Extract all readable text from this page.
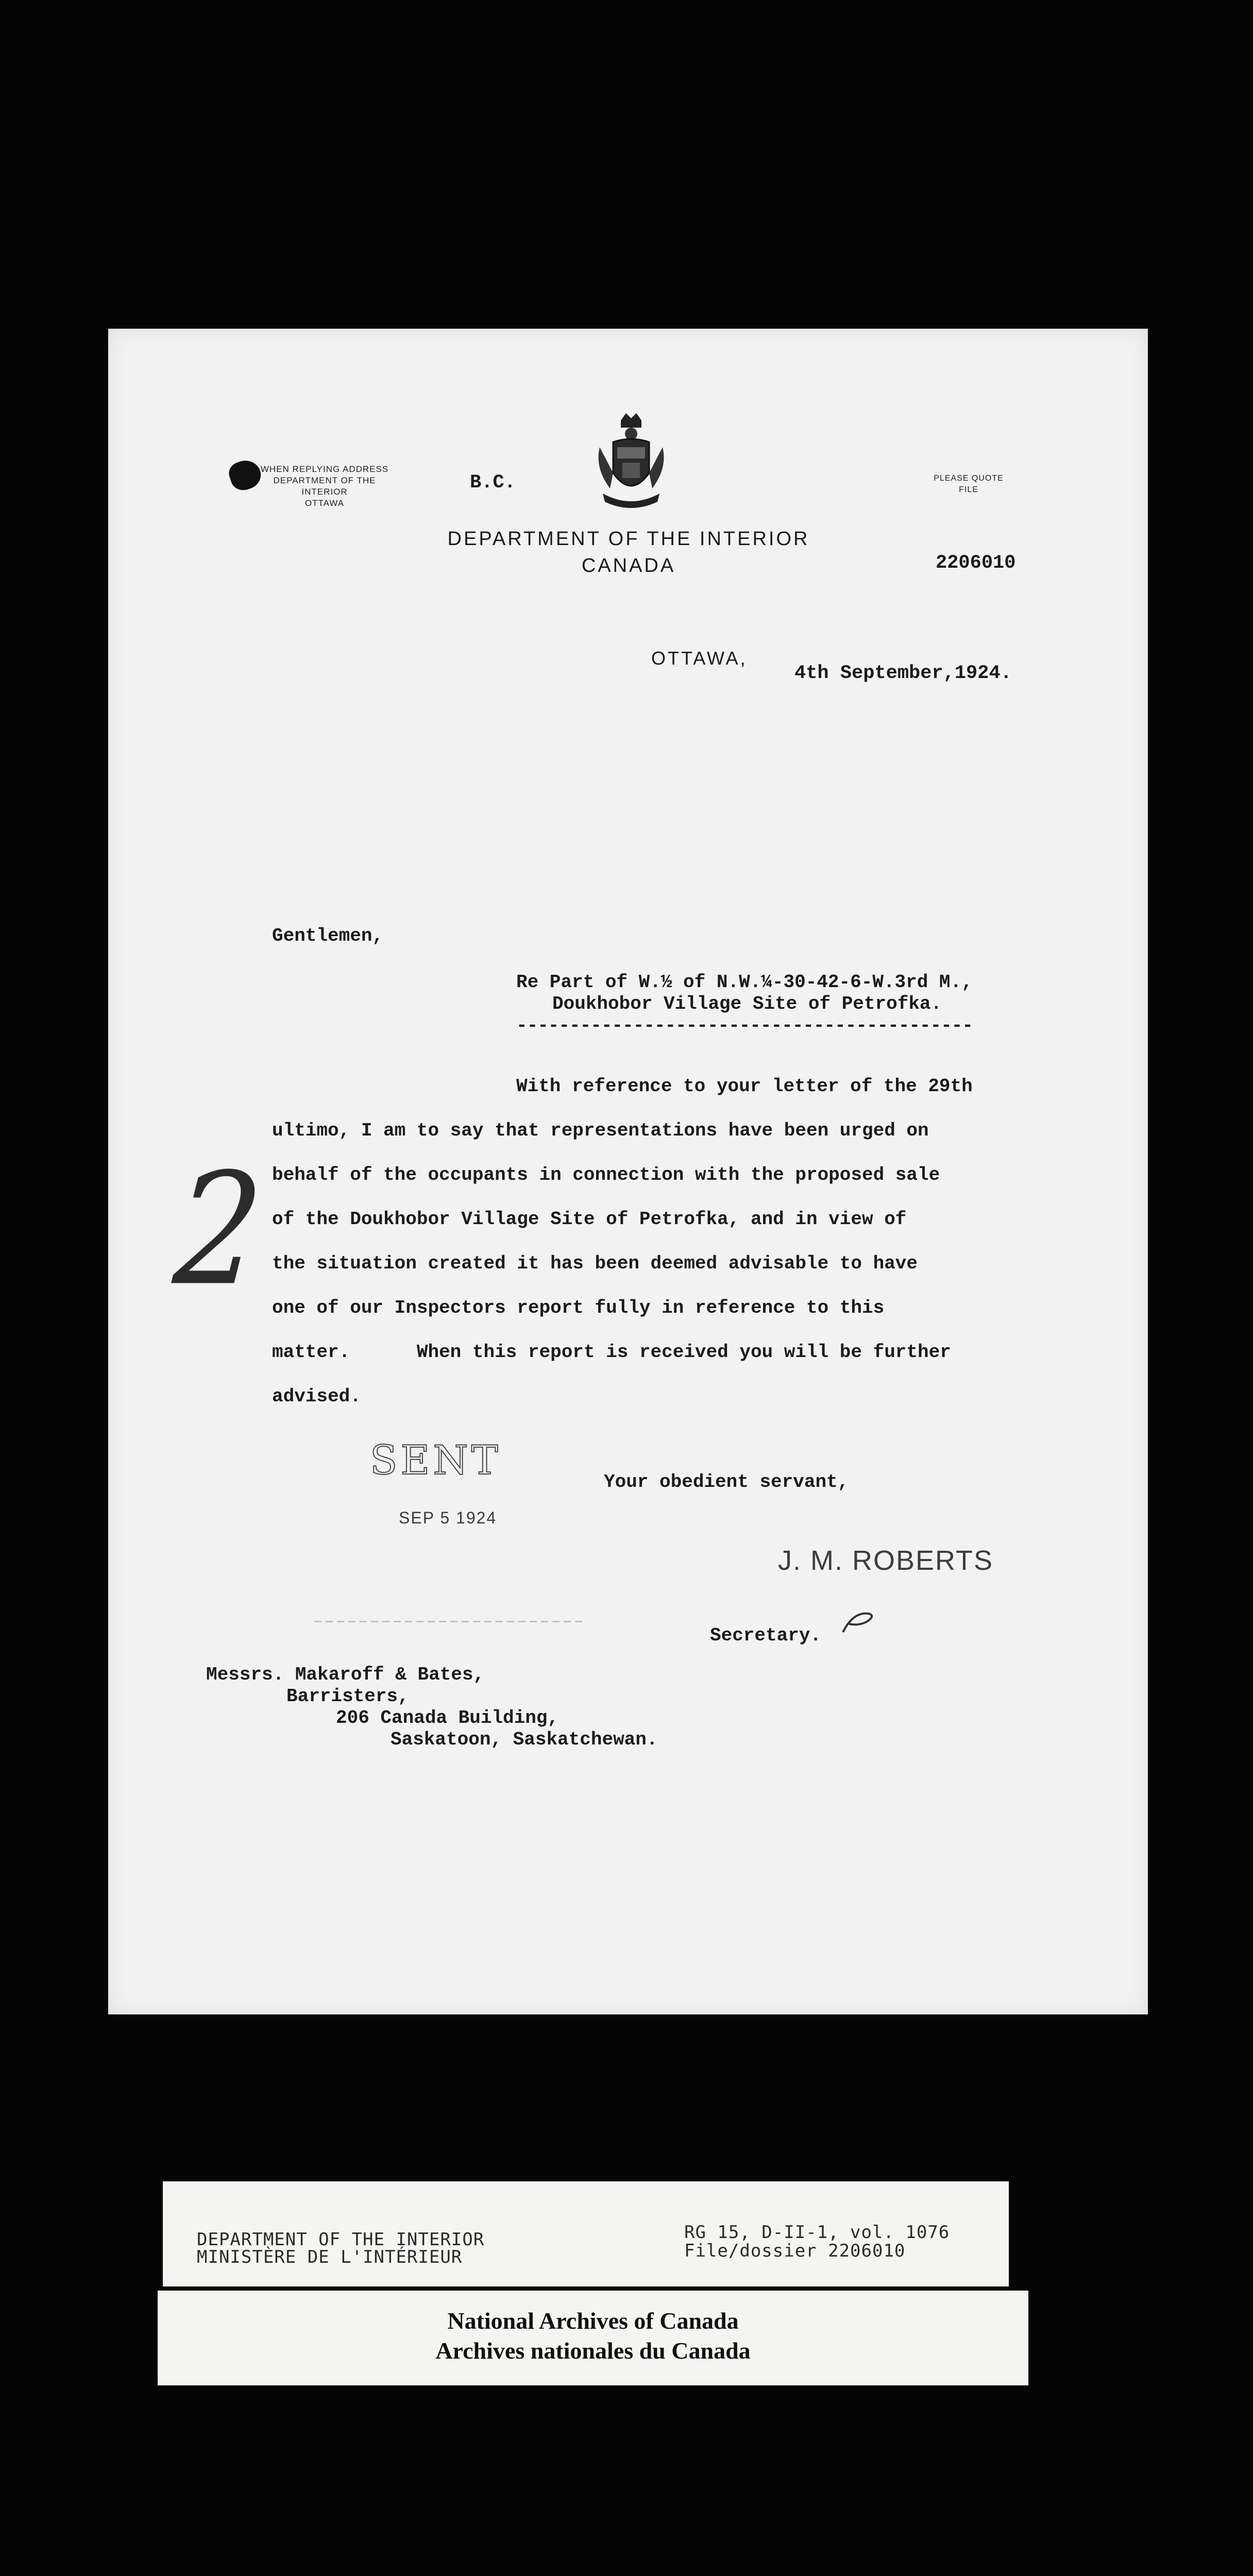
WHEN REPLYING ADDRESS
DEPARTMENT OF THE INTERIOR
OTTAWA
B.C.	PLEASE QUOTE
FILE
DEPARTMENT OF THE INTERIOR
CANADA	2206010
OTTAWA,
4th September,1924.
Gentlemen,
Re Part of W.½ of N.W.¼-30-42-6-W.3rd M.,
Doukhobor Village Site of Petrofka.
-------------------------------------------
With reference to your letter of the 29th
ultimo, I am to say that representations have been urged on
behalf of the occupants in connection with the proposed sale
of the Doukhobor Village Site of Petrofka, and in view of
the situation created it has been deemed advisable to have
one of our Inspectors report fully in reference to this
matter.      When this report is received you will be further
advised.
2
SENT
SEP 5 1924
Your obedient servant,
J. M. ROBERTS
Secretary.
Messrs. Makaroff & Bates,
Barristers,
206 Canada Building,
Saskatoon, Saskatchewan.
DEPARTMENT OF THE INTERIOR
MINISTÈRE DE L'INTÉRIEUR
RG 15, D-II-1, vol. 1076
File/dossier 2206010
National Archives of Canada
Archives nationales du Canada
